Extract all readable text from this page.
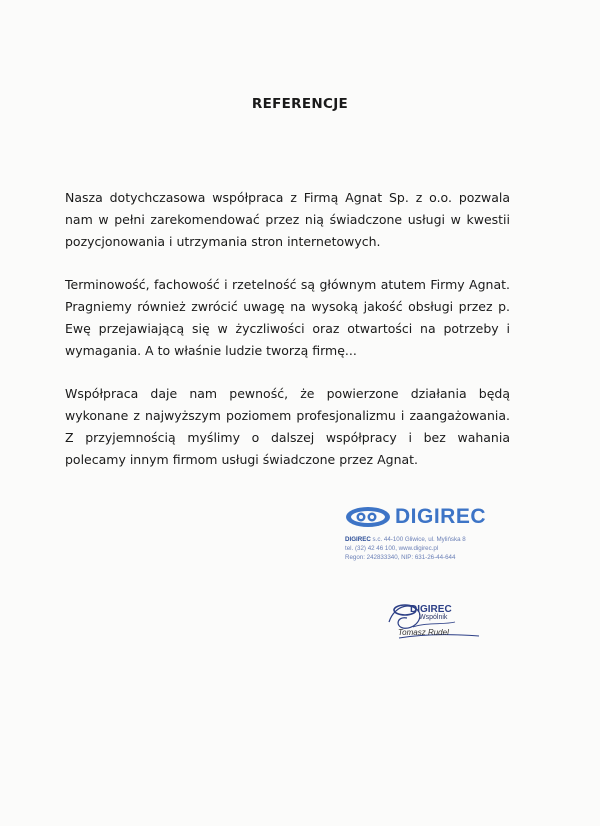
REFERENCJE

Nasza dotychczasowa współpraca z Firmą Agnat Sp. z o.o. pozwala nam w pełni zarekomendować przez nią świadczone usługi w kwestii pozycjonowania i utrzymania stron internetowych.

Terminowość, fachowość i rzetelność są głównym atutem Firmy Agnat. Pragniemy również zwrócić uwagę na wysoką jakość obsługi przez p. Ewę przejawiającą się w życzliwości oraz otwartości na potrzeby i wymagania. A to właśnie ludzie tworzą firmę...

Współpraca daje nam pewność, że powierzone działania będą wykonane z najwyższym poziomem profesjonalizmu i zaangażowania. Z przyjemnością myślimy o dalszej współpracy i bez wahania polecamy innym firmom usługi świadczone przez Agnat.

DIGIREC
DIGIREC s.c. 44-100 Gliwice, ul. Mylińska 8
tel. (32) 42 46 100, www.digirec.pl
Regon: 242833340, NIP: 631-26-44-644
DIGIREC
Wspólnik
Tomasz Rudel
